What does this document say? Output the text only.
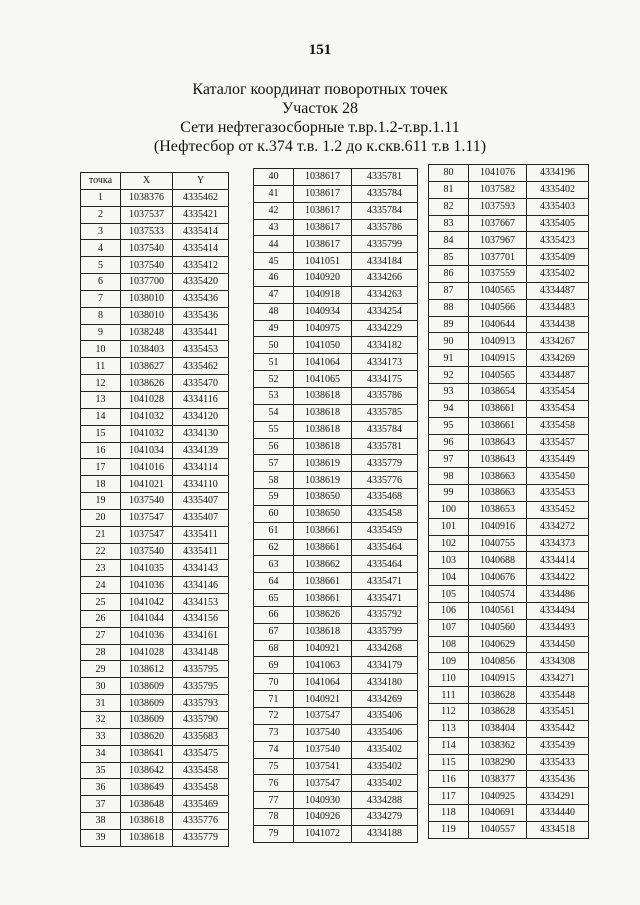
151
Каталог координат поворотных точек
Участок 28
Сети нефтегазосборные т.вр.1.2-т.вр.1.11
(Нефтесбор от к.374 т.в. 1.2 до к.скв.611 т.в 1.11)
точка	X	Y
1	1038376	4335462
2	1037537	4335421
3	1037533	4335414
4	1037540	4335414
5	1037540	4335412
6	1037700	4335420
7	1038010	4335436
8	1038010	4335436
9	1038248	4335441
10	1038403	4335453
11	1038627	4335462
12	1038626	4335470
13	1041028	4334116
14	1041032	4334120
15	1041032	4334130
16	1041034	4334139
17	1041016	4334114
18	1041021	4334110
19	1037540	4335407
20	1037547	4335407
21	1037547	4335411
22	1037540	4335411
23	1041035	4334143
24	1041036	4334146
25	1041042	4334153
26	1041044	4334156
27	1041036	4334161
28	1041028	4334148
29	1038612	4335795
30	1038609	4335795
31	1038609	4335793
32	1038609	4335790
33	1038620	4335683
34	1038641	4335475
35	1038642	4335458
36	1038649	4335458
37	1038648	4335469
38	1038618	4335776
39	1038618	4335779
40	1038617	4335781
41	1038617	4335784
42	1038617	4335784
43	1038617	4335786
44	1038617	4335799
45	1041051	4334184
46	1040920	4334266
47	1040918	4334263
48	1040934	4334254
49	1040975	4334229
50	1041050	4334182
51	1041064	4334173
52	1041065	4334175
53	1038618	4335786
54	1038618	4335785
55	1038618	4335784
56	1038618	4335781
57	1038619	4335779
58	1038619	4335776
59	1038650	4335468
60	1038650	4335458
61	1038661	4335459
62	1038661	4335464
63	1038662	4335464
64	1038661	4335471
65	1038661	4335471
66	1038626	4335792
67	1038618	4335799
68	1040921	4334268
69	1041063	4334179
70	1041064	4334180
71	1040921	4334269
72	1037547	4335406
73	1037540	4335406
74	1037540	4335402
75	1037541	4335402
76	1037547	4335402
77	1040930	4334288
78	1040926	4334279
79	1041072	4334188
80	1041076	4334196
81	1037582	4335402
82	1037593	4335403
83	1037667	4335405
84	1037967	4335423
85	1037701	4335409
86	1037559	4335402
87	1040565	4334487
88	1040566	4334483
89	1040644	4334438
90	1040913	4334267
91	1040915	4334269
92	1040565	4334487
93	1038654	4335454
94	1038661	4335454
95	1038661	4335458
96	1038643	4335457
97	1038643	4335449
98	1038663	4335450
99	1038663	4335453
100	1038653	4335452
101	1040916	4334272
102	1040755	4334373
103	1040688	4334414
104	1040676	4334422
105	1040574	4334486
106	1040561	4334494
107	1040560	4334493
108	1040629	4334450
109	1040856	4334308
110	1040915	4334271
111	1038628	4335448
112	1038628	4335451
113	1038404	4335442
114	1038362	4335439
115	1038290	4335433
116	1038377	4335436
117	1040925	4334291
118	1040691	4334440
119	1040557	4334518
